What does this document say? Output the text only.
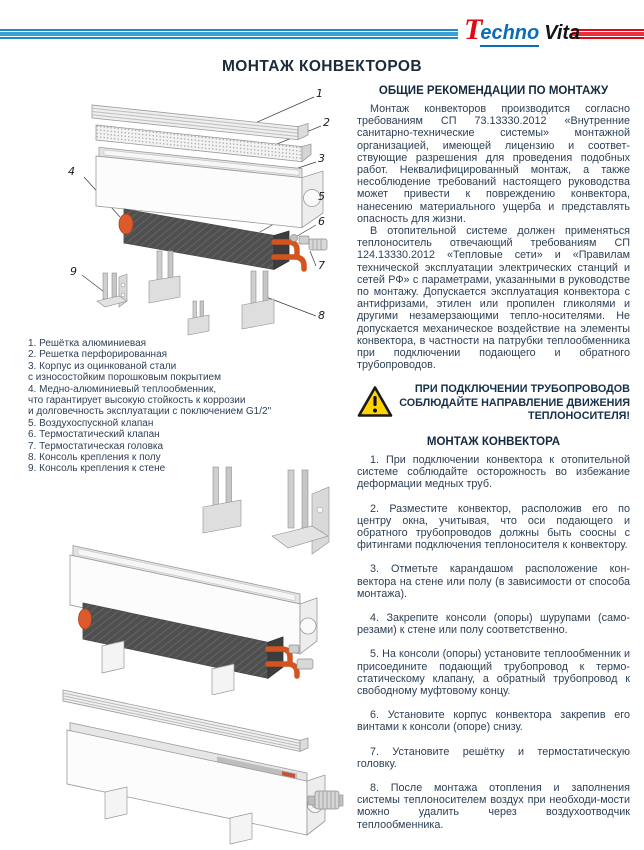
Techno Vita
МОНТАЖ КОНВЕКТОРОВ
1
2
3
4
5
6
7
8
9
1. Решётка алюминиевая
2. Решетка перфорированная
3. Корпус из оцинкованой стали
с износостойким порошковым покрытием
4. Медно-алюминиевый теплообменник,
что гарантирует высокую стойкость к коррозии
и долговечность эксплуатации с поключением G1/2"
5. Воздухоспускной клапан
6. Термостатический клапан
7. Термостатическая головка
8. Консоль крепления к полу
9. Консоль крепления к стене
ОБЩИЕ РЕКОМЕНДАЦИИ ПО МОНТАЖУ

Монтаж конвекторов производится согласно требованиям СП 73.13330.2012 «Внутренние санитарно-технические системы» монтажной организацией, имеющей лицензию и соответ-ствующие разрешения для проведения подобных работ. Неквалифицированный монтаж, а также несоблюдение требований настоящего руководства может привести к повреждению конвектора, нанесению материального ущерба и представлять опасность для жизни.

В отопительной системе должен применяться теплоноситель отвечающий требованиям СП 124.13330.2012 «Тепловые сети» и «Правилам технической эксплуатации электрических станций и сетей РФ» с параметрами, указанными в руководстве по монтажу. Допускается эксплуатация конвектора с антифризами, этилен или пропилен гликолями и другими незамерзающими тепло-носителями. Не допускается механическое воздействие на элементы конвектора, в частности на патрубки теплообменника при подключении подающего и обратного трубопроводов.

ПРИ ПОДКЛЮЧЕНИИ ТРУБОПРОВОДОВ
СОБЛЮДАЙТЕ НАПРАВЛЕНИЕ ДВИЖЕНИЯ
ТЕПЛОНОСИТЕЛЯ!
МОНТАЖ КОНВЕКТОРА

1. При подключении конвектора к отопительной системе соблюдайте осторожность во избежание деформации медных труб.

2. Разместите конвектор, расположив его по центру окна, учитывая, что оси подающего и обратного трубопроводов должны быть соосны с фитингами подключения теплоносителя к конвектору.

3. Отметьте карандашом расположение кон-вектора на стене или полу (в зависимости от способа монтажа).

4. Закрепите консоли (опоры) шурупами (само-резами) к стене или полу соответственно.

5. На консоли (опоры) установите теплообменник и присоедините подающий трубопровод к термо-статическому клапану, а обратный трубопровод к свободному муфтовому концу.

6. Установите корпус конвектора закрепив его винтами к консоли (опоре) снизу.

7. Установите решётку и термостатическую головку.

8. После монтажа отопления и заполнения системы теплоносителем воздух при необходи-мости можно удалить через воздухоотводчик теплообменника.
